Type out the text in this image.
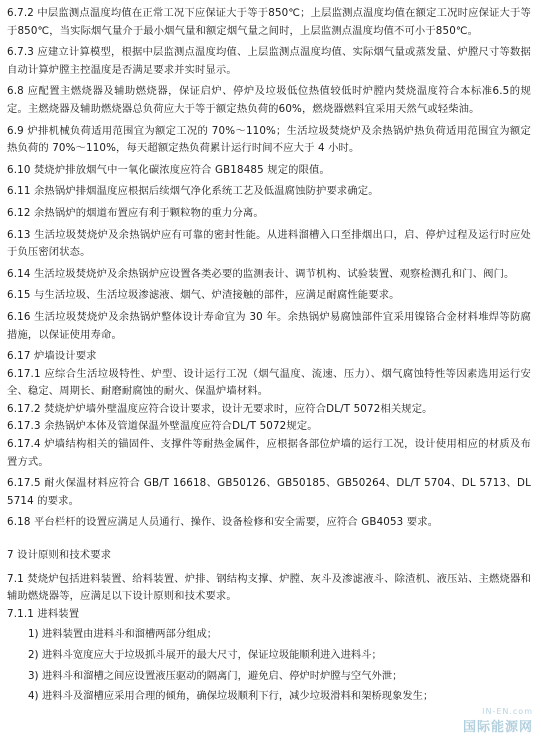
6.7.2 中层监测点温度均值在正常工况下应保证大于等于850℃；上层监测点温度均值在额定工况时应保证大于等于850℃，当实际烟气量介于最小烟气量和额定烟气量之间时，上层监测点温度均值不可小于850℃。

6.7.3 应建立计算模型，根据中层监测点温度均值、上层监测点温度均值、实际烟气量或蒸发量、炉膛尺寸等数据自动计算炉膛主控温度是否满足要求并实时显示。

6.8 应配置主燃烧器及辅助燃烧器，保证启炉、停炉及垃圾低位热值较低时炉膛内焚烧温度符合本标准6.5的规定。主燃烧器及辅助燃烧器总负荷应大于等于额定热负荷的60%，燃烧器燃料宜采用天然气或轻柴油。

6.9 炉排机械负荷适用范围宜为额定工况的 70%～110%；生活垃圾焚烧炉及余热锅炉热负荷适用范围宜为额定热负荷的 70%～110%，每天超额定热负荷累计运行时间不应大于 4 小时。

6.10 焚烧炉排放烟气中一氧化碳浓度应符合 GB18485 规定的限值。

6.11 余热锅炉排烟温度应根据后续烟气净化系统工艺及低温腐蚀防护要求确定。

6.12 余热锅炉的烟道布置应有利于颗粒物的重力分离。

6.13 生活垃圾焚烧炉及余热锅炉应有可靠的密封性能。从进料溜槽入口至排烟出口，启、停炉过程及运行时应处于负压密闭状态。

6.14 生活垃圾焚烧炉及余热锅炉应设置各类必要的监测表计、调节机构、试验装置、观察检测孔和门、阀门。

6.15 与生活垃圾、生活垃圾渗滤液、烟气、炉渣接触的部件，应满足耐腐性能要求。

6.16 生活垃圾焚烧炉及余热锅炉整体设计寿命宜为 30 年。余热锅炉易腐蚀部件宜采用镍铬合金材料堆焊等防腐措施，以保证使用寿命。

6.17 炉墙设计要求

6.17.1 应综合生活垃圾特性、炉型、设计运行工况（烟气温度、流速、压力）、烟气腐蚀特性等因素选用运行安全、稳定、周期长、耐磨耐腐蚀的耐火、保温炉墙材料。

6.17.2 焚烧炉炉墙外壁温度应符合设计要求，设计无要求时，应符合DL/T 5072相关规定。

6.17.3 余热锅炉本体及管道保温外壁温度应符合DL/T 5072规定。

6.17.4 炉墙结构相关的锚固件、支撑件等耐热金属件，应根据各部位炉墙的运行工况，设计使用相应的材质及布置方式。

6.17.5 耐火保温材料应符合 GB/T 16618、GB50126、GB50185、GB50264、DL/T 5704、DL 5713、DL 5714 的要求。

6.18 平台栏杆的设置应满足人员通行、操作、设备检修和安全需要，应符合 GB4053 要求。

7 设计原则和技术要求

7.1 焚烧炉包括进料装置、给料装置、炉排、钢结构支撑、炉膛、灰斗及渗滤液斗、除渣机、液压站、主燃烧器和辅助燃烧器等，应满足以下设计原则和技术要求。

7.1.1 进料装置

1) 进料装置由进料斗和溜槽两部分组成；
2) 进料斗宽度应大于垃圾抓斗展开的最大尺寸，保证垃圾能顺利进入进料斗；
3) 进料斗和溜槽之间应设置液压驱动的隔离门，避免启、停炉时炉膛与空气外泄；
4) 进料斗及溜槽应采用合理的倾角，确保垃圾顺利下行，减少垃圾滑料和架桥现象发生；
IN-EN.com
国际能源网
